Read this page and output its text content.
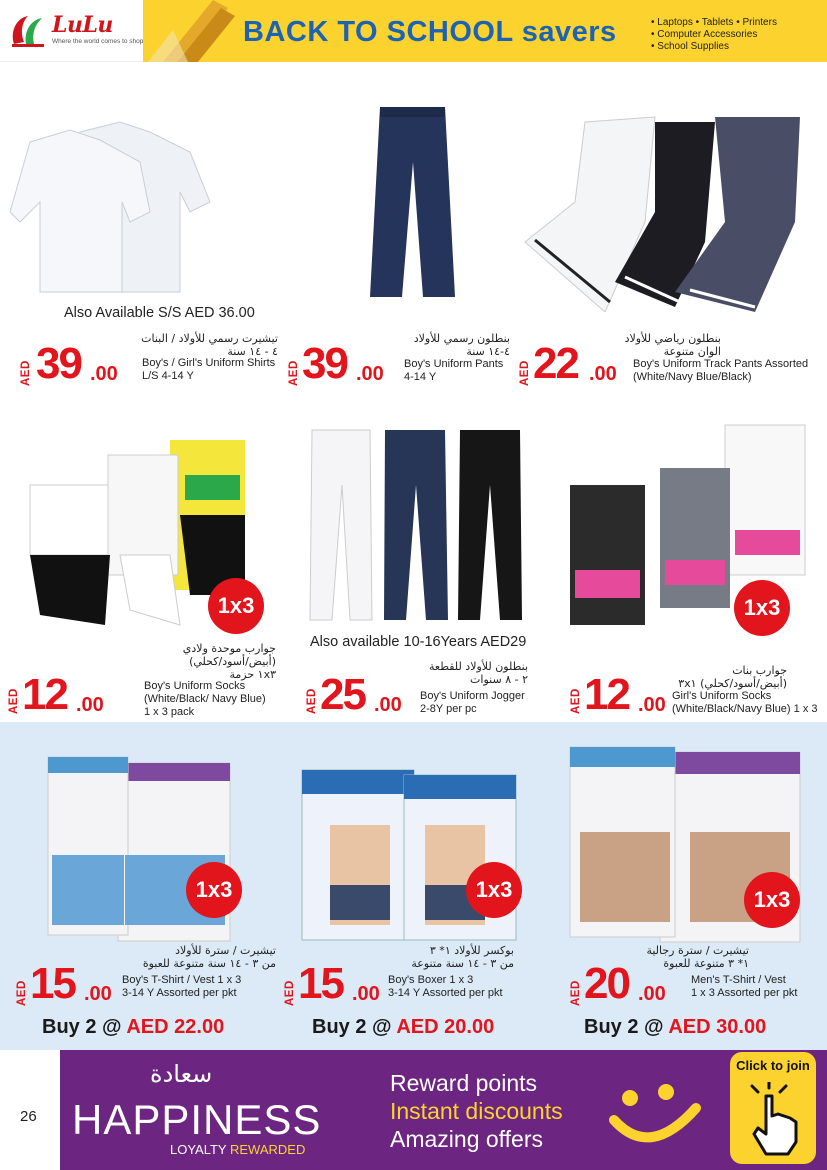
LuLu
Where the world comes to shop	BACK TO SCHOOL savers	• Laptops • Tablets • Printers
• Computer Accessories
• School Supplies
Also Available S/S AED 36.00
تيشيرت رسمي للأولاد / البنات
٤ - ١٤ سنة
AED 39 .00 Boy's / Girl's Uniform Shirts
L/S 4-14 Y
بنطلون رسمي للأولاد
٤-١٤ سنة
AED 39 .00 Boy's Uniform Pants
4-14 Y
بنطلون رياضي للأولاد
الوان متنوعة
AED 22 .00 Boy's Uniform Track Pants Assorted
(White/Navy Blue/Black)
1x3
جوارب موحدة ولادي
(أبيض/أسود/كحلي)
١x٣ حزمة
AED 12 .00
Boy's Uniform Socks
(White/Black/ Navy Blue)
1 x 3 pack
Also available 10-16Years AED29
بنطلون للأولاد للقطعة
٢ - ٨ سنوات
AED 25 .00 Boy's Uniform Jogger
2-8Y per pc
1x3
جوارب بنات
(أبيض/أسود/كحلي) ٣x١
AED 12 .00 Girl's Uniform Socks
(White/Black/Navy Blue) 1 x 3
1x3
تيشيرت / سترة للأولاد
من ٣ - ١٤ سنة متنوعة للعبوة
AED 15 .00
Boy's T-Shirt / Vest 1 x 3
3-14 Y Assorted per pkt
Buy 2 @ AED 22.00
1x3
بوكسر للأولاد ١* ٣
من ٣ - ١٤ سنة متنوعة
AED 15 .00
Boy's Boxer 1 x 3
3-14 Y Assorted per pkt
Buy 2 @ AED 20.00
1x3
تيشيرت / سترة رجالية
١* ٣ متنوعة للعبوة
AED 20 .00
Men's T-Shirt / Vest
1 x 3 Assorted per pkt
Buy 2 @ AED 30.00
26
سعادة
HAPPINESS
LOYALTY REWARDED
Reward points
Instant discounts
Amazing offers
Click to join
